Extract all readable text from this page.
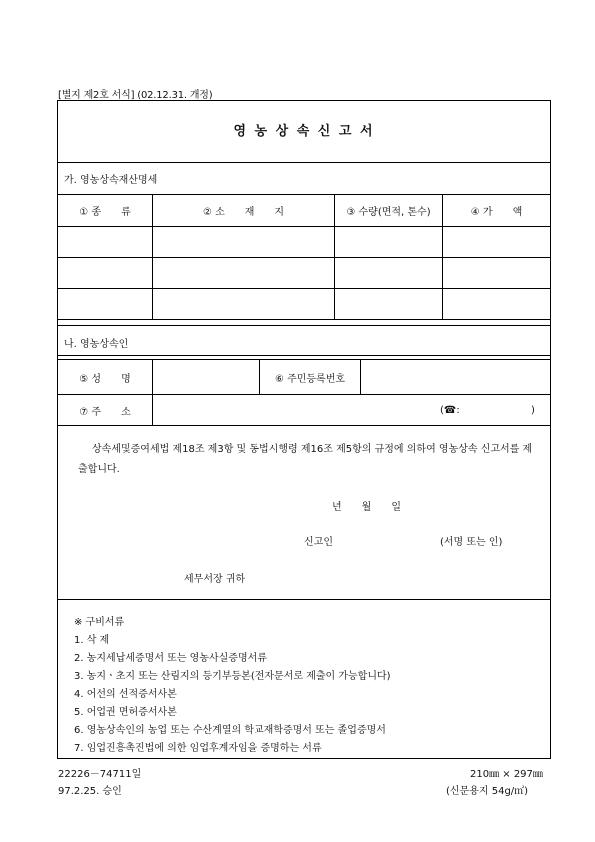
[별지 제2호 서식] (02.12.31. 개정)
영 농 상 속 신 고 서
가. 영농상속재산명세
① 종　　류	② 소　　재　　지	③ 수량(면적, 톤수)	④ 가　　액
나. 영농상속인
⑤ 성　　명	⑥ 주민등록번호
⑦ 주　　소	(☎:	)
상속세및증여세법 제18조 제3항 및 동법시행령 제16조 제5항의 규정에 의하여 영농상속 신고서를 제출합니다.
년　　월　　일
신고인	(서명 또는 인)
세무서장 귀하
※ 구비서류
1. 삭 제
2. 농지세납세증명서 또는 영농사실증명서류
3. 농지ㆍ초지 또는 산림지의 등기부등본(전자문서로 제출이 가능합니다)
4. 어선의 선적증서사본
5. 어업권 면허증서사본
6. 영농상속인의 농업 또는 수산계열의 학교재학증명서 또는 졸업증명서
7. 임업진흥촉진법에 의한 임업후계자임을 증명하는 서류
22226－74711일
97.2.25. 승인
210㎜ × 297㎜
(신문용지 54g/㎡)
